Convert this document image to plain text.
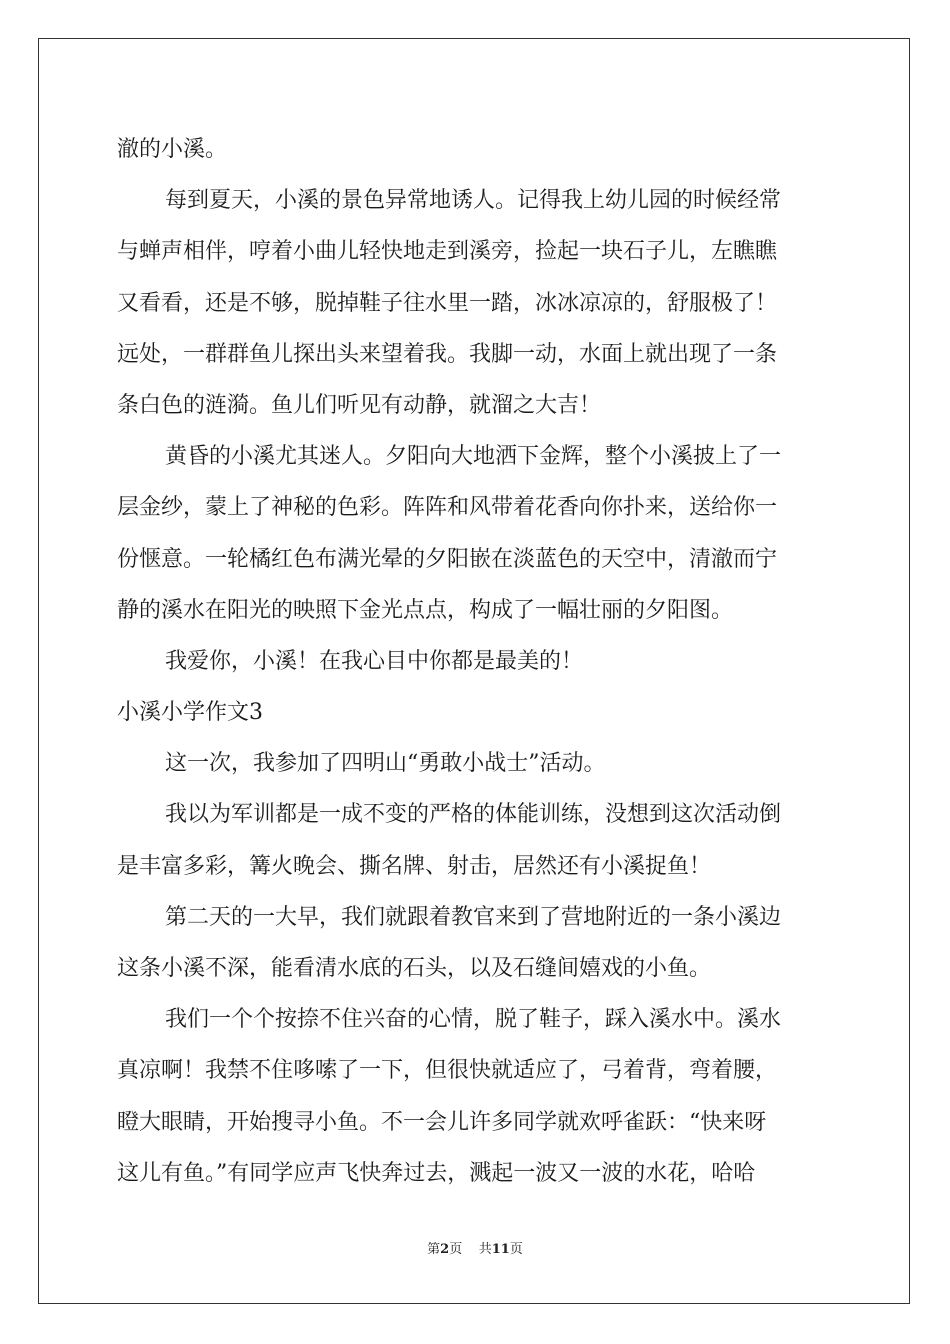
澈的小溪。
每到夏天，小溪的景色异常地诱人。记得我上幼儿园的时候经常
与蝉声相伴，哼着小曲儿轻快地走到溪旁，捡起一块石子儿，左瞧瞧
又看看，还是不够，脱掉鞋子往水里一踏，冰冰凉凉的，舒服极了！
远处，一群群鱼儿探出头来望着我。我脚一动，水面上就出现了一条
条白色的涟漪。鱼儿们听见有动静，就溜之大吉！
黄昏的小溪尤其迷人。夕阳向大地洒下金辉，整个小溪披上了一
层金纱，蒙上了神秘的色彩。阵阵和风带着花香向你扑来，送给你一
份惬意。一轮橘红色布满光晕的夕阳嵌在淡蓝色的天空中，清澈而宁
静的溪水在阳光的映照下金光点点，构成了一幅壮丽的夕阳图。
我爱你，小溪！在我心目中你都是最美的！
小溪小学作文3
这一次，我参加了四明山“勇敢小战士”活动。
我以为军训都是一成不变的严格的体能训练，没想到这次活动倒
是丰富多彩，篝火晚会、撕名牌、射击，居然还有小溪捉鱼！
第二天的一大早，我们就跟着教官来到了营地附近的一条小溪边
这条小溪不深，能看清水底的石头，以及石缝间嬉戏的小鱼。
我们一个个按捺不住兴奋的心情，脱了鞋子，踩入溪水中。溪水
真凉啊！我禁不住哆嗦了一下，但很快就适应了，弓着背，弯着腰，
瞪大眼睛，开始搜寻小鱼。不一会儿许多同学就欢呼雀跃：“快来呀
这儿有鱼。”有同学应声飞快奔过去，溅起一波又一波的水花，哈哈
第2页 共11页
